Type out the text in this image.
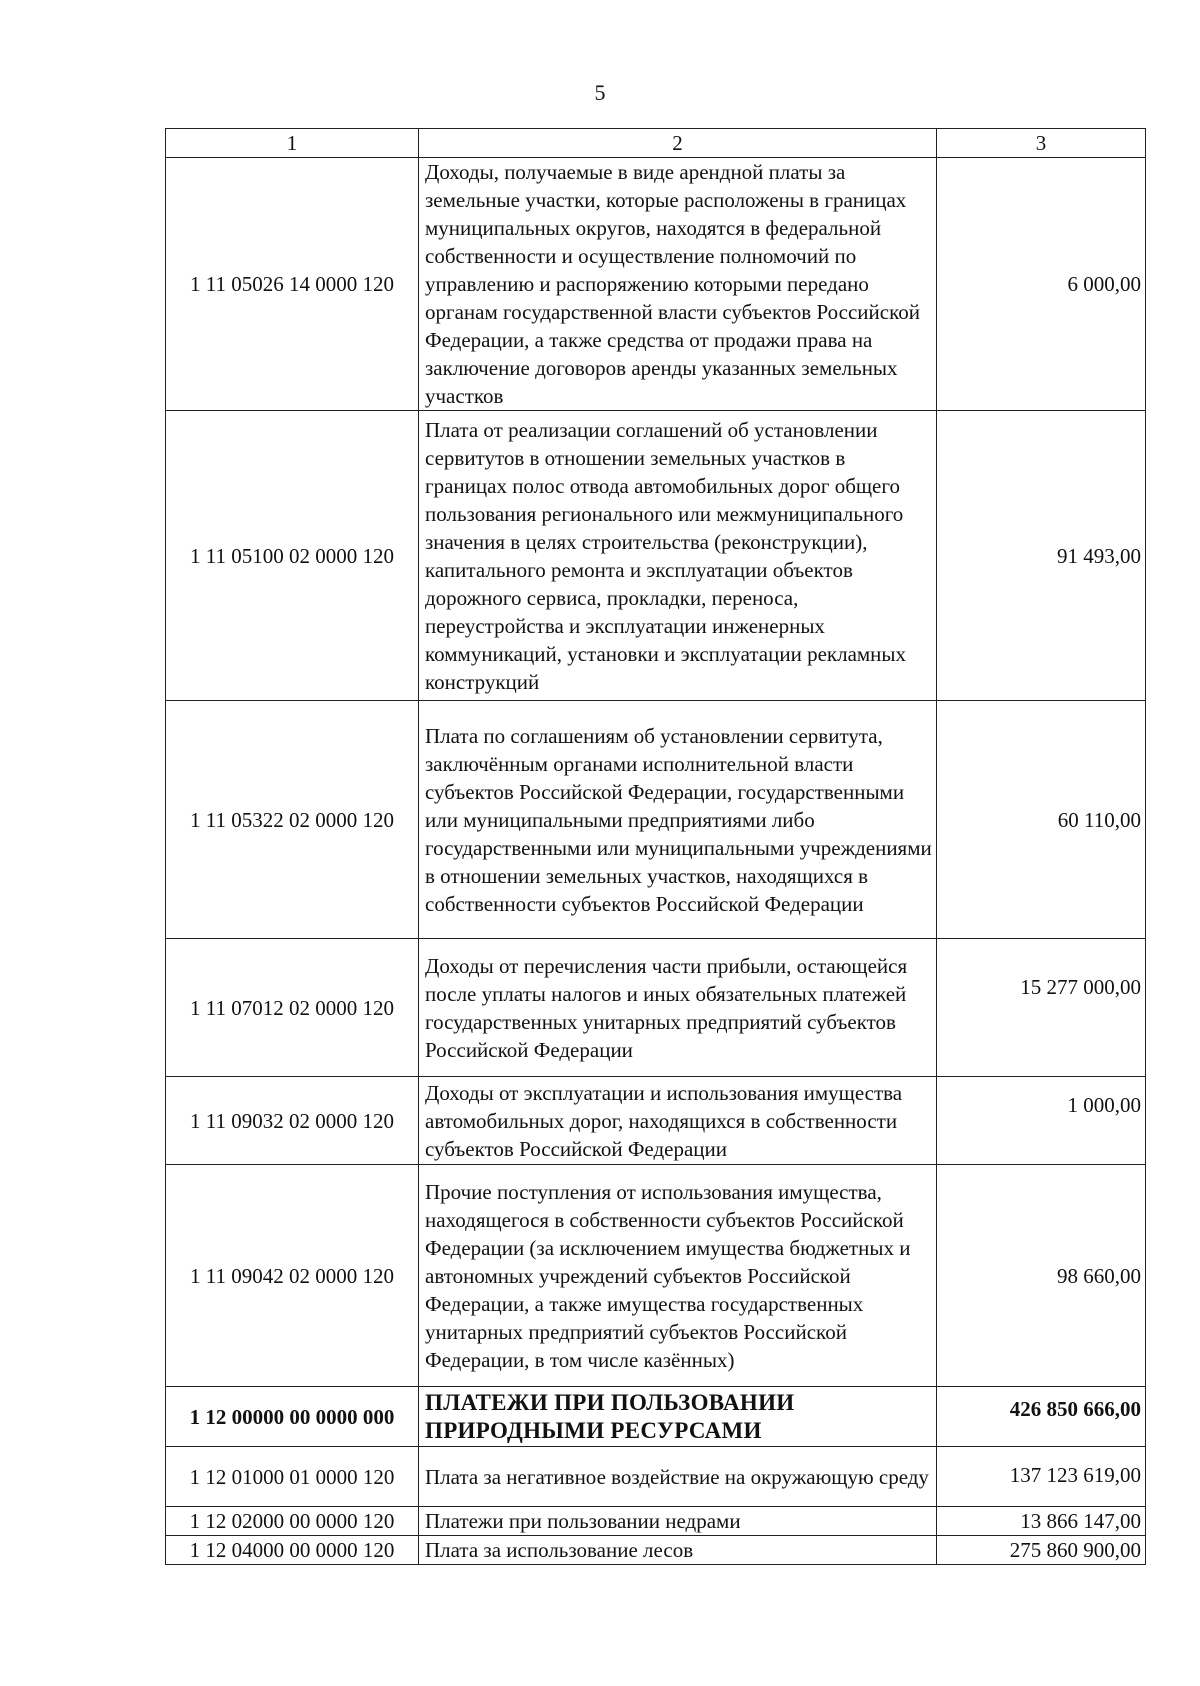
5
1	2	3
1 11 05026 14 0000 120	Доходы, получаемые в виде арендной платы за земельные участки, которые расположены в границах муниципальных округов, находятся в федеральной собственности и осуществление полномочий по управлению и распоряжению которыми передано органам государственной власти субъектов Российской Федерации, а также средства от продажи права на заключение договоров аренды указанных земельных участков	6 000,00
1 11 05100 02 0000 120	Плата от реализации соглашений об установлении сервитутов в отношении земельных участков в границах полос отвода автомобильных дорог общего пользования регионального или межмуниципального значения в целях строительства (реконструкции), капитального ремонта и эксплуатации объектов дорожного сервиса, прокладки, переноса, переустройства и эксплуатации инженерных коммуникаций, установки и эксплуатации рекламных конструкций	91 493,00
1 11 05322 02 0000 120	Плата по соглашениям об установлении сервитута, заключённым органами исполнительной власти субъектов Российской Федерации, государственными или муниципальными предприятиями либо государственными или муниципальными учреждениями в отношении земельных участков, находящихся в собственности субъектов Российской Федерации	60 110,00
1 11 07012 02 0000 120	Доходы от перечисления части прибыли, остающейся после уплаты налогов и иных обязательных платежей государственных унитарных предприятий субъектов Российской Федерации	15 277 000,00
1 11 09032 02 0000 120	Доходы от эксплуатации и использования имущества автомобильных дорог, находящихся в собственности субъектов Российской Федерации	1 000,00
1 11 09042 02 0000 120	Прочие поступления от использования имущества, находящегося в собственности субъектов Российской Федерации (за исключением имущества бюджетных и автономных учреждений субъектов Российской Федерации, а также имущества государственных унитарных предприятий субъектов Российской Федерации, в том числе казённых)	98 660,00
1 12 00000 00 0000 000	ПЛАТЕЖИ ПРИ ПОЛЬЗОВАНИИ ПРИРОДНЫМИ РЕСУРСАМИ	426 850 666,00
1 12 01000 01 0000 120	Плата за негативное воздействие на окружающую среду	137 123 619,00
1 12 02000 00 0000 120	Платежи при пользовании недрами	13 866 147,00
1 12 04000 00 0000 120	Плата за использование лесов	275 860 900,00
